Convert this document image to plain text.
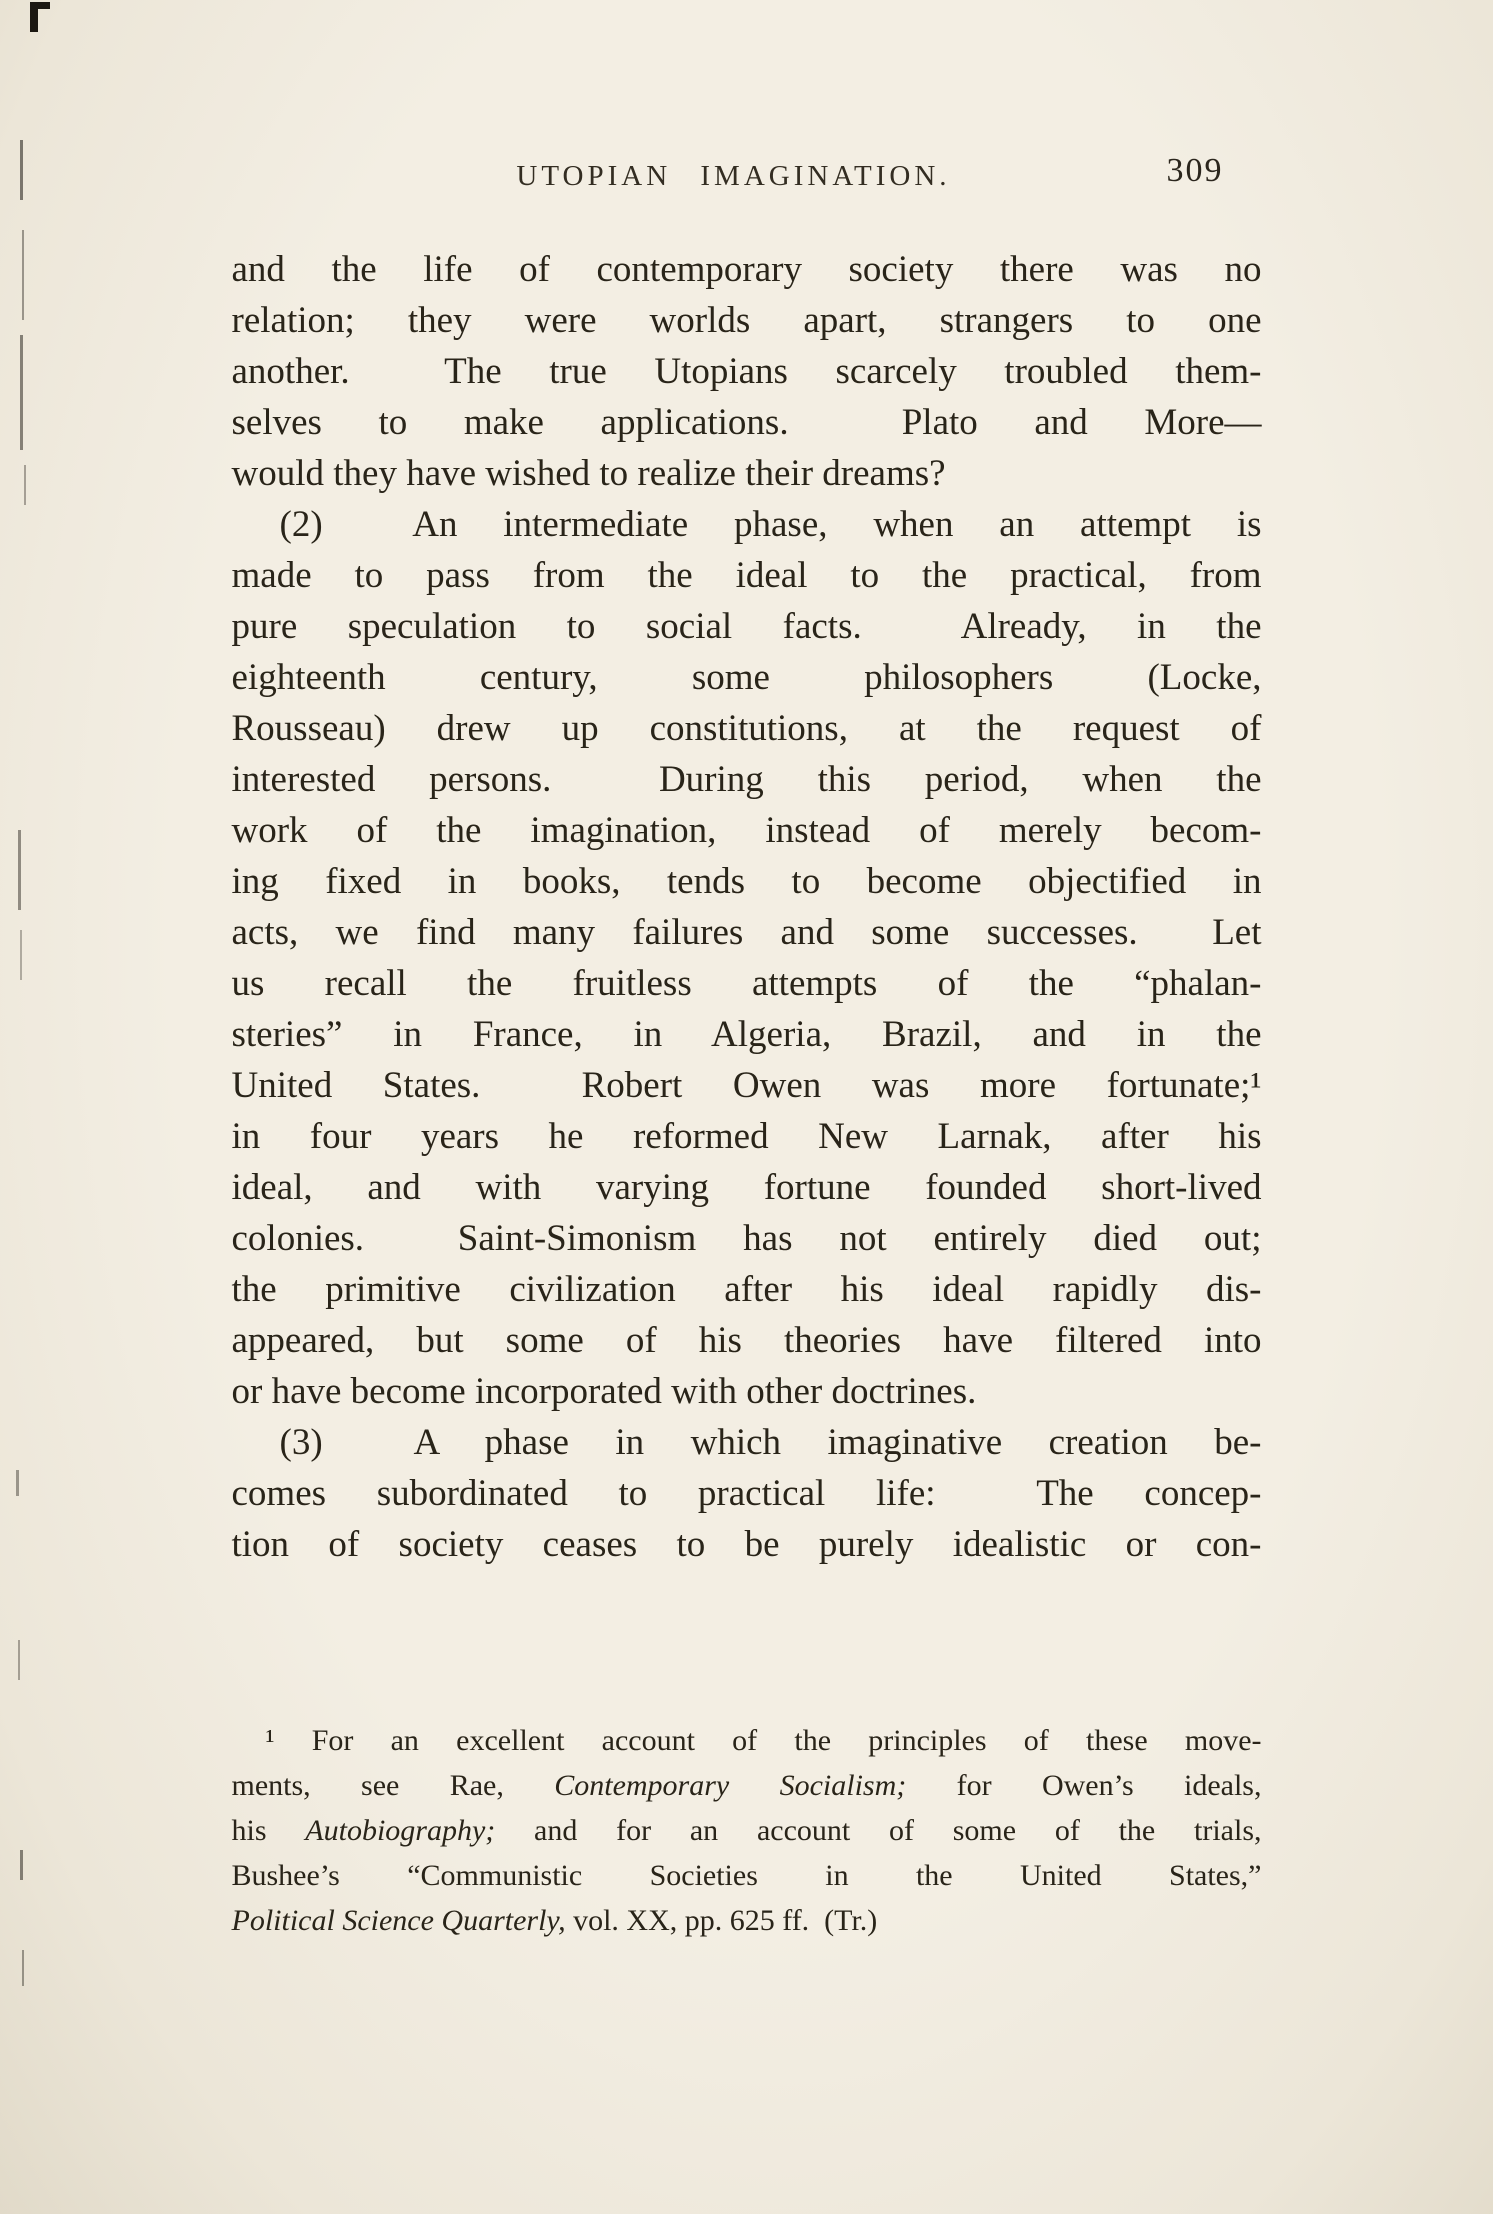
UTOPIAN IMAGINATION.	309
and the life of contemporary society there was no
relation; they were worlds apart, strangers to one
another.  The true Utopians scarcely troubled them-
selves to make applications.  Plato and More—
would they have wished to realize their dreams?
(2)  An intermediate phase, when an attempt is
made to pass from the ideal to the practical, from
pure speculation to social facts.  Already, in the
eighteenth century, some philosophers (Locke,
Rousseau) drew up constitutions, at the request of
interested persons.  During this period, when the
work of the imagination, instead of merely becom-
ing fixed in books, tends to become objectified in
acts, we find many failures and some successes.  Let
us recall the fruitless attempts of the “phalan-
steries” in France, in Algeria, Brazil, and in the
United States.  Robert Owen was more fortunate;¹
in four years he reformed New Larnak, after his
ideal, and with varying fortune founded short-lived
colonies.  Saint-Simonism has not entirely died out;
the primitive civilization after his ideal rapidly dis-
appeared, but some of his theories have filtered into
or have become incorporated with other doctrines.
(3)  A phase in which imaginative creation be-
comes subordinated to practical life:  The concep-
tion of society ceases to be purely idealistic or con-
¹ For an excellent account of the principles of these move-
ments, see Rae, Contemporary Socialism; for Owen’s ideals,
his Autobiography; and for an account of some of the trials,
Bushee’s “Communistic Societies in the United States,”
Political Science Quarterly, vol. XX, pp. 625 ff.  (Tr.)
